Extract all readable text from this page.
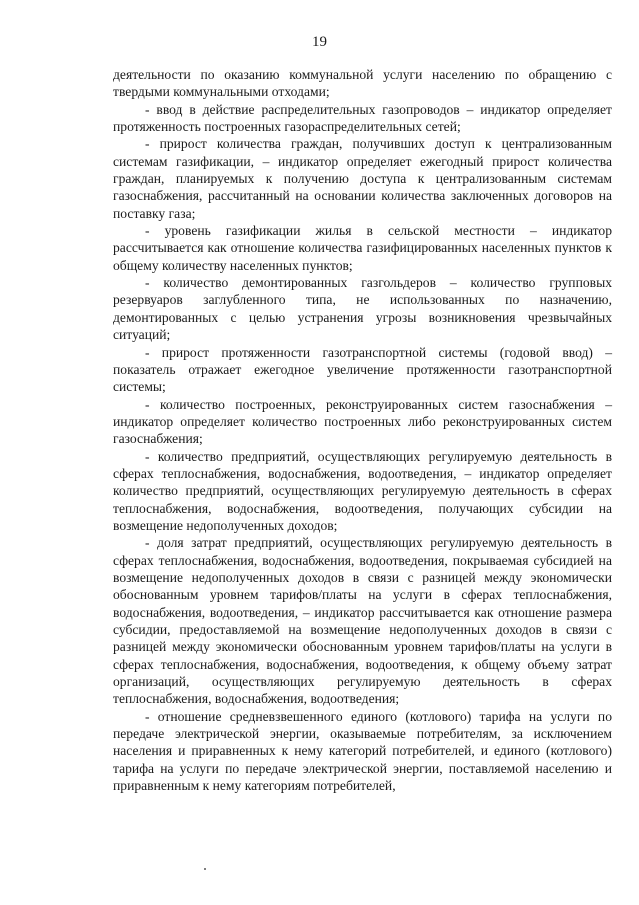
19

деятельности по оказанию коммунальной услуги населению по обращению с твердыми коммунальными отходами;

- ввод в действие распределительных газопроводов – индикатор определяет протяженность построенных газораспределительных сетей;

- прирост количества граждан, получивших доступ к централизованным системам газификации, – индикатор определяет ежегодный прирост количества граждан, планируемых к получению доступа к централизованным системам газоснабжения, рассчитанный на основании количества заключенных договоров на поставку газа;

- уровень газификации жилья в сельской местности – индикатор рассчитывается как отношение количества газифицированных населенных пунктов к общему количеству населенных пунктов;

- количество демонтированных газгольдеров – количество групповых резервуаров заглубленного типа, не использованных по назначению, демонтированных с целью устранения угрозы возникновения чрезвычайных ситуаций;

- прирост протяженности газотранспортной системы (годовой ввод) – показатель отражает ежегодное увеличение протяженности газотранспортной системы;

- количество построенных, реконструированных систем газоснабжения – индикатор определяет количество построенных либо реконструированных систем газоснабжения;

- количество предприятий, осуществляющих регулируемую деятельность в сферах теплоснабжения, водоснабжения, водоотведения, – индикатор определяет количество предприятий, осуществляющих регулируемую деятельность в сферах теплоснабжения, водоснабжения, водоотведения, получающих субсидии на возмещение недополученных доходов;

- доля затрат предприятий, осуществляющих регулируемую деятельность в сферах теплоснабжения, водоснабжения, водоотведения, покрываемая субсидией на возмещение недополученных доходов в связи с разницей между экономически обоснованным уровнем тарифов/платы на услуги в сферах теплоснабжения, водоснабжения, водоотведения, – индикатор рассчитывается как отношение размера субсидии, предоставляемой на возмещение недополученных доходов в связи с разницей между экономически обоснованным уровнем тарифов/платы на услуги в сферах теплоснабжения, водоснабжения, водоотведения, к общему объему затрат организаций, осуществляющих регулируемую деятельность в сферах теплоснабжения, водоснабжения, водоотведения;

- отношение средневзвешенного единого (котлового) тарифа на услуги по передаче электрической энергии, оказываемые потребителям, за исключением населения и приравненных к нему категорий потребителей, и единого (котлового) тарифа на услуги по передаче электрической энергии, поставляемой населению и приравненным к нему категориям потребителей,
